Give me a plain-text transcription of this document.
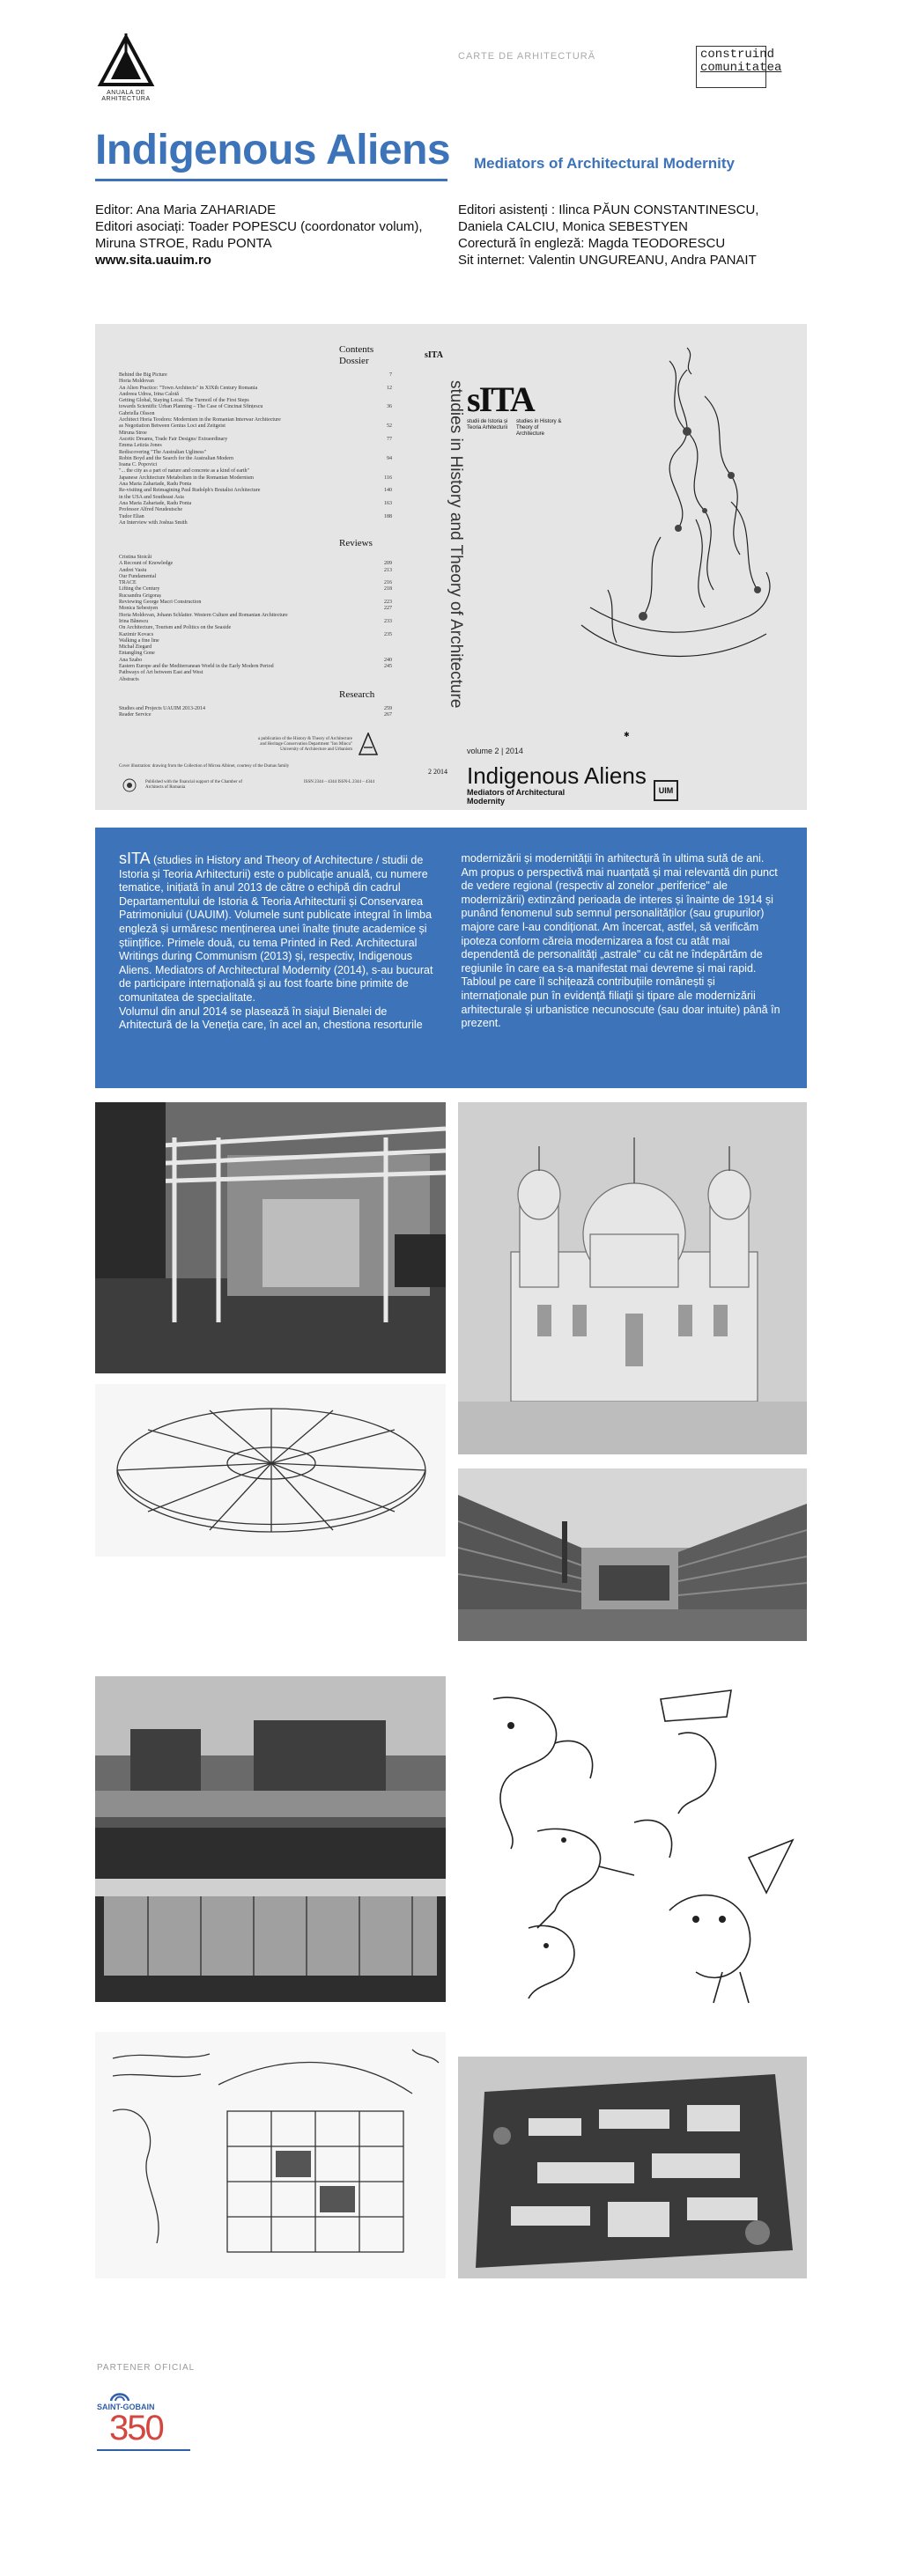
ANUALA DE ARHITECTURA
CARTE DE ARHITECTURĂ	construind
comunitatea
Indigenous Aliens Mediators of Architectural Modernity
Editor: Ana Maria ZAHARIADE
Editori asociați: Toader POPESCU (coordonator volum),
Miruna STROE, Radu PONTA
www.sita.uauim.ro
Editori asistenți : Ilinca PĂUN CONSTANTINESCU,
Daniela CALCIU, Monica SEBESTYEN
Corectură în engleză: Magda TEODORESCU
Sit internet: Valentin UNGUREANU, Andra PANAIT
Contents
Dossier
Behind the Big Picture	7
Horia Moldovan
An Alien Practice: "Town Architects" in XIXth Century Romania	12
Andreea Udrea, Irina Calotă
Getting Global, Staying Local. The Turmoil of the First Steps
towards Scientific Urban Planning – The Case of Cincinat Sfințescu	36
Gabriella Olsson
Architect Horia Teodoru: Modernism in the Romanian Interwar Architecture
as Negotiation Between Genius Loci and Zeitgeist	52
Miruna Stroe
Ascetic Dreams, Trade Fair Designs/ Extraordinary	77
Emma Letizia Jones
Rediscovering "The Australian Ugliness"
Robin Boyd and the Search for the Australian Modern	94
Ioana C. Popovici
"... the city as a part of nature and concrete as a kind of earth"
Japanese Architecture Metabolism in the Romanian Modernism	116
Ana Maria Zahariade, Radu Ponta
Re-visiting and Reimagining Paul Rudolph's Brutalist Architecture	140
in the USA and Southeast Asia
Ana Maria Zahariade, Radu Ponta	163
Professor Alfred Neudeutsche
Tudor Elian	188
An Interview with Joshua Smith
Reviews
Cristina Stoicăi
A Recount of Knowledge	209
Andrei Vasiu	213
Our Fundamental
TRACE	216
Lifting the Century	218
Rucsandra Grigoraș
Reviewing George Macri Construction	223
Monica Sebestyen	227
Horia Moldovan, Johann Schlatter. Western Culture and Romanian Architecture
Irina Bănescu	233
On Architecture, Tourism and Politics on the Seaside
Kazimir Kovacs	235
Walking a fine line
Michał Ziegard
Entangling Gone
Ana Szabo	240
Eastern Europe and the Mediterranean World in the Early Modern Period	245
Pathways of Art between East and West
Abstracts
Research
Studies and Projects UAUIM 2013-2014	259
Reader Service	267
a publication of the History & Theory of Architecture and Heritage Conservation Department "Ion Mincu" University of Architecture and Urbanism
Cover illustration: drawing from the Collection of Mircea Albinet, courtesy of the Dumas family
Published with the financial support of the Chamber of Architects of Romania
ISSN 2344 – 4344 ISSN-L 2344 – 4344
sITA
studies in History and Theory of Architecture
2 2014
sITA
studii de Istoria și Teoria Arhitecturii
studies in History & Theory of Architecture
volume 2 | 2014
Indigenous Aliens
Mediators of Architectural Modernity
✱
UIM

sITA (studies in History and Theory of Architecture / studii de Istoria și Teoria Arhitecturii) este o publicație anuală, cu numere tematice, inițiată în anul 2013 de către o echipă din cadrul Departamentului de Istoria & Teoria Arhitecturii și Conservarea Patrimoniului (UAUIM). Volumele sunt publicate integral în limba engleză și urmăresc menținerea unei înalte ținute academice și științifice. Primele două, cu tema Printed in Red. Architectural Writings during Communism (2013) și, respectiv, Indigenous Aliens. Mediators of Architectural Modernity (2014), s-au bucurat de participare internațională și au fost foarte bine primite de comunitatea de specialitate.

Volumul din anul 2014 se plasează în siajul Bienalei de Arhitectură de la Veneția care, în acel an, chestiona resorturile

modernizării și modernității în arhitectură în ultima sută de ani.

Am propus o perspectivă mai nuanțată și mai relevantă din punct de vedere regional (respectiv al zonelor „periferice" ale modernizării) extinzând perioada de interes și înainte de 1914 și punând fenomenul sub semnul personalităților (sau grupurilor) majore care l-au condiționat. Am încercat, astfel, să verificăm ipoteza conform căreia modernizarea a fost cu atât mai dependentă de personalități „astrale" cu cât ne îndepărtăm de regiunile în care ea s-a manifestat mai devreme și mai rapid. Tabloul pe care îl schițează contribuțiile românești și internaționale pun în evidență filiații și tipare ale modernizării arhitecturale și urbanistice necunoscute (sau doar intuite) până în prezent.

PARTENER OFICIAL
SAINT-GOBAIN
350
